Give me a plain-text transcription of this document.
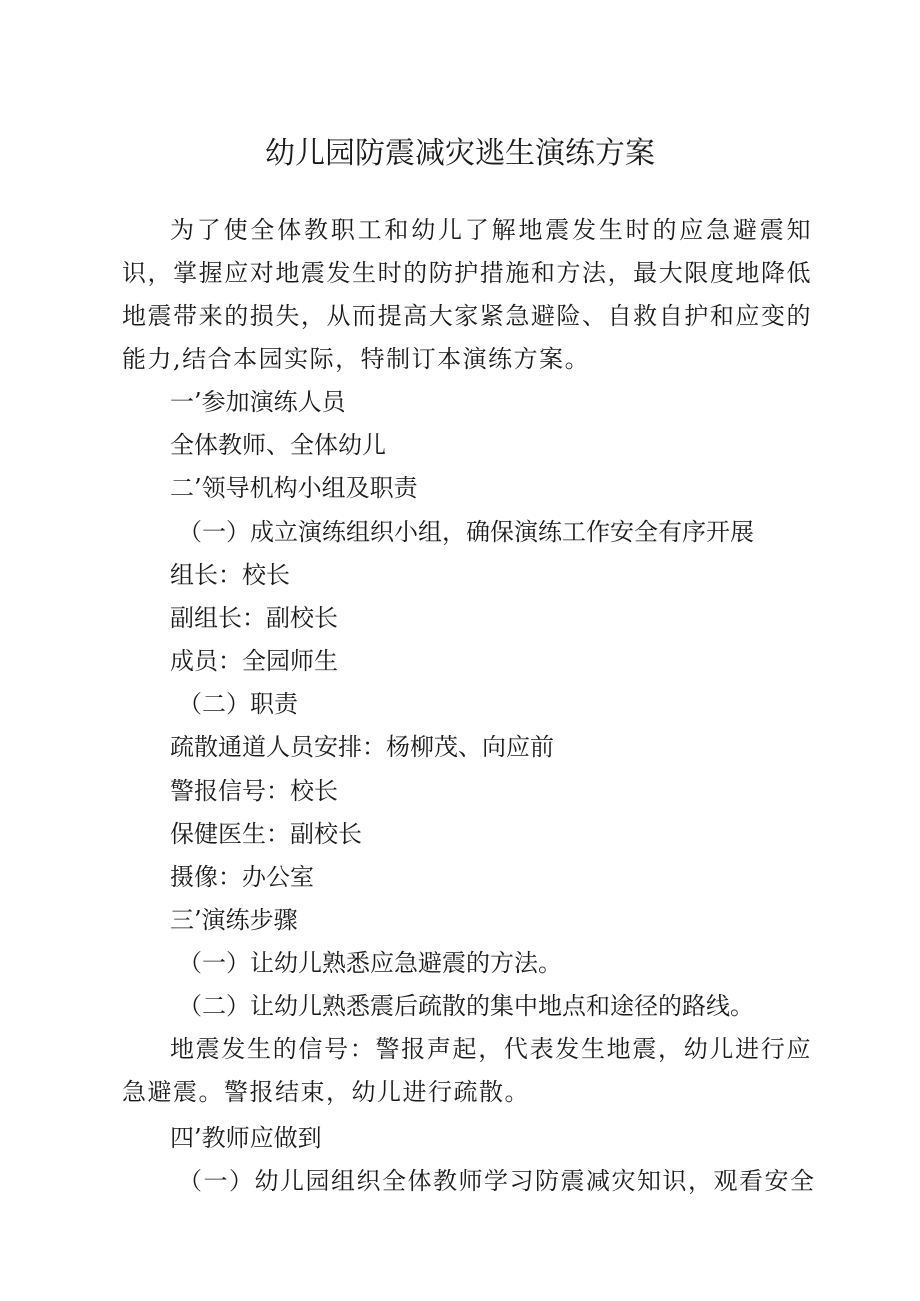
幼儿园防震减灾逃生演练方案

为了使全体教职工和幼儿了解地震发生时的应急避震知识，掌握应对地震发生时的防护措施和方法，最大限度地降低地震带来的损失，从而提高大家紧急避险、自救自护和应变的能力,结合本园实际，特制订本演练方案。

一’参加演练人员

全体教师、全体幼儿

二’领导机构小组及职责

（一）成立演练组织小组，确保演练工作安全有序开展

组长：校长

副组长：副校长

成员：全园师生

（二）职责

疏散通道人员安排：杨柳茂、向应前

警报信号：校长

保健医生：副校长

摄像：办公室

三’演练步骤

（一）让幼儿熟悉应急避震的方法。

（二）让幼儿熟悉震后疏散的集中地点和途径的路线。

地震发生的信号：警报声起，代表发生地震，幼儿进行应急避震。警报结束，幼儿进行疏散。

四’教师应做到

（一）幼儿园组织全体教师学习防震减灾知识，观看安全
